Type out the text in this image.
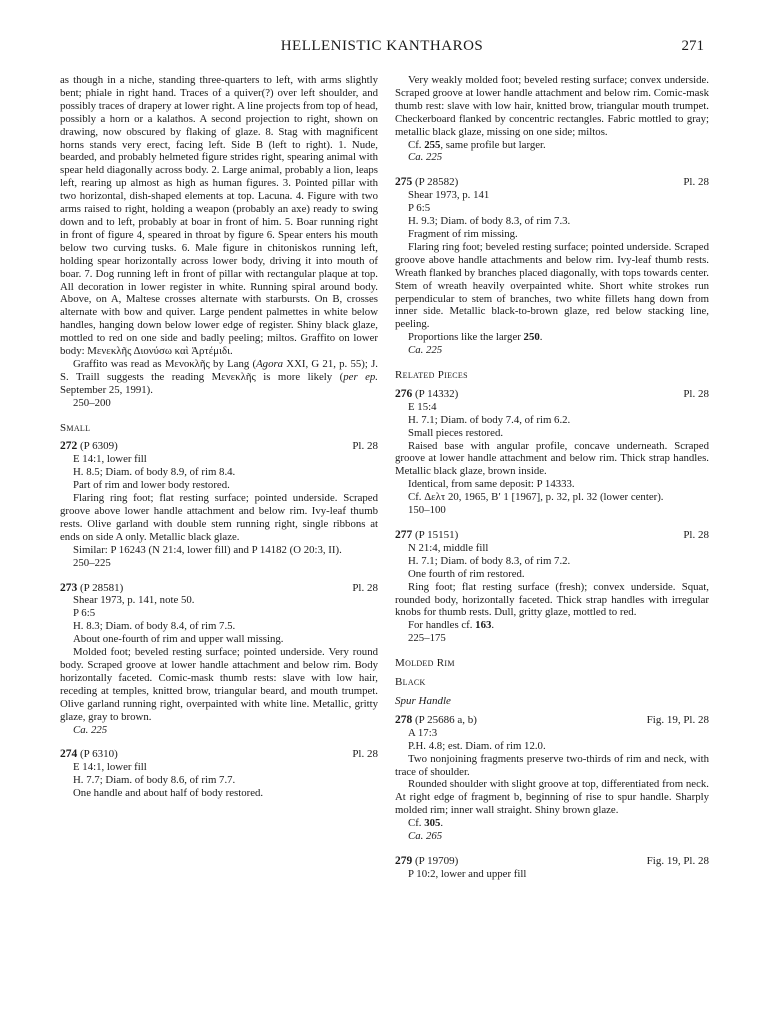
HELLENISTIC KANTHAROS	271

as though in a niche, standing three-quarters to left, with arms slightly bent; phiale in right hand. Traces of a quiver(?) over left shoulder, and possibly traces of drapery at lower right. A line projects from top of head, possibly a horn or a kalathos. A second projection to right, shown on drawing, now obscured by flaking of glaze. 8. Stag with magnificent horns stands very erect, facing left. Side B (left to right). 1. Nude, bearded, and probably helmeted figure strides right, spearing animal with spear held diagonally across body. 2. Large animal, probably a lion, leaps left, rearing up almost as high as human figures. 3. Pointed pillar with two horizontal, dish-shaped elements at top. Lacuna. 4. Figure with two arms raised to right, holding a weapon (probably an axe) ready to swing down and to left, probably at boar in front of him. 5. Boar running right in front of figure 4, speared in throat by figure 6. Spear enters his mouth below two curving tusks. 6. Male figure in chitoniskos running left, holding spear horizontally across lower body, driving it into mouth of boar. 7. Dog running left in front of pillar with rectangular plaque at top. All decoration in lower register in white. Running spiral around body. Above, on A, Maltese crosses alternate with starbursts. On B, crosses alternate with bow and quiver. Large pendent palmettes in white below handles, hanging down below lower edge of register. Shiny black glaze, mottled to red on one side and badly peeling; miltos. Graffito on lower body: Μενεκλῆς Διονύσω καὶ Ἀρτέμιδι.

Graffito was read as Μενοκλῆς by Lang (Agora XXI, G 21, p. 55); J. S. Traill suggests the reading Μενεκλῆς is more likely (per ep. September 25, 1991).

250–200

Small

272 (P 6309)	Pl. 28

E 14:1, lower fill

H. 8.5; Diam. of body 8.9, of rim 8.4.

Part of rim and lower body restored.

Flaring ring foot; flat resting surface; pointed underside. Scraped groove above lower handle attachment and below rim. Ivy-leaf thumb rests. Olive garland with double stem running right, single ribbons at ends on side A only. Metallic black glaze.

Similar: P 16243 (N 21:4, lower fill) and P 14182 (O 20:3, II).

250–225

273 (P 28581)	Pl. 28

Shear 1973, p. 141, note 50.

P 6:5

H. 8.3; Diam. of body 8.4, of rim 7.5.

About one-fourth of rim and upper wall missing.

Molded foot; beveled resting surface; pointed underside. Very round body. Scraped groove at lower handle attachment and below rim. Body horizontally faceted. Comic-mask thumb rests: slave with low hair, receding at temples, knitted brow, triangular beard, and mouth trumpet. Olive garland running right, overpainted with white line. Metallic, gritty glaze, gray to brown.

Ca. 225

274 (P 6310)	Pl. 28

E 14:1, lower fill

H. 7.7; Diam. of body 8.6, of rim 7.7.

One handle and about half of body restored.

Very weakly molded foot; beveled resting surface; convex underside. Scraped groove at lower handle attachment and below rim. Comic-mask thumb rest: slave with low hair, knitted brow, triangular mouth trumpet. Checkerboard flanked by concentric rectangles. Fabric mottled to gray; metallic black glaze, missing on one side; miltos.

Cf. 255, same profile but larger.

Ca. 225

275 (P 28582)	Pl. 28

Shear 1973, p. 141

P 6:5

H. 9.3; Diam. of body 8.3, of rim 7.3.

Fragment of rim missing.

Flaring ring foot; beveled resting surface; pointed underside. Scraped groove above handle attachments and below rim. Ivy-leaf thumb rests. Wreath flanked by branches placed diagonally, with tops towards center. Stem of wreath heavily overpainted white. Short white strokes run perpendicular to stem of branches, two white fillets hang down from inner side. Metallic black-to-brown glaze, red below stacking line, peeling.

Proportions like the larger 250.

Ca. 225

Related Pieces

276 (P 14332)	Pl. 28

E 15:4

H. 7.1; Diam. of body 7.4, of rim 6.2.

Small pieces restored.

Raised base with angular profile, concave underneath. Scraped groove at lower handle attachment and below rim. Thick strap handles. Metallic black glaze, brown inside.

Identical, from same deposit: P 14333.

Cf. Δελτ 20, 1965, Β′ 1 [1967], p. 32, pl. 32 (lower center).

150–100

277 (P 15151)	Pl. 28

N 21:4, middle fill

H. 7.1; Diam. of body 8.3, of rim 7.2.

One fourth of rim restored.

Ring foot; flat resting surface (fresh); convex underside. Squat, rounded body, horizontally faceted. Thick strap handles with irregular knobs for thumb rests. Dull, gritty glaze, mottled to red.

For handles cf. 163.

225–175

Molded Rim

Black

Spur Handle

278 (P 25686 a, b)	Fig. 19, Pl. 28

A 17:3

P.H. 4.8; est. Diam. of rim 12.0.

Two nonjoining fragments preserve two-thirds of rim and neck, with trace of shoulder.

Rounded shoulder with slight groove at top, differentiated from neck. At right edge of fragment b, beginning of rise to spur handle. Sharply molded rim; inner wall straight. Shiny brown glaze.

Cf. 305.

Ca. 265

279 (P 19709)	Fig. 19, Pl. 28

P 10:2, lower and upper fill
